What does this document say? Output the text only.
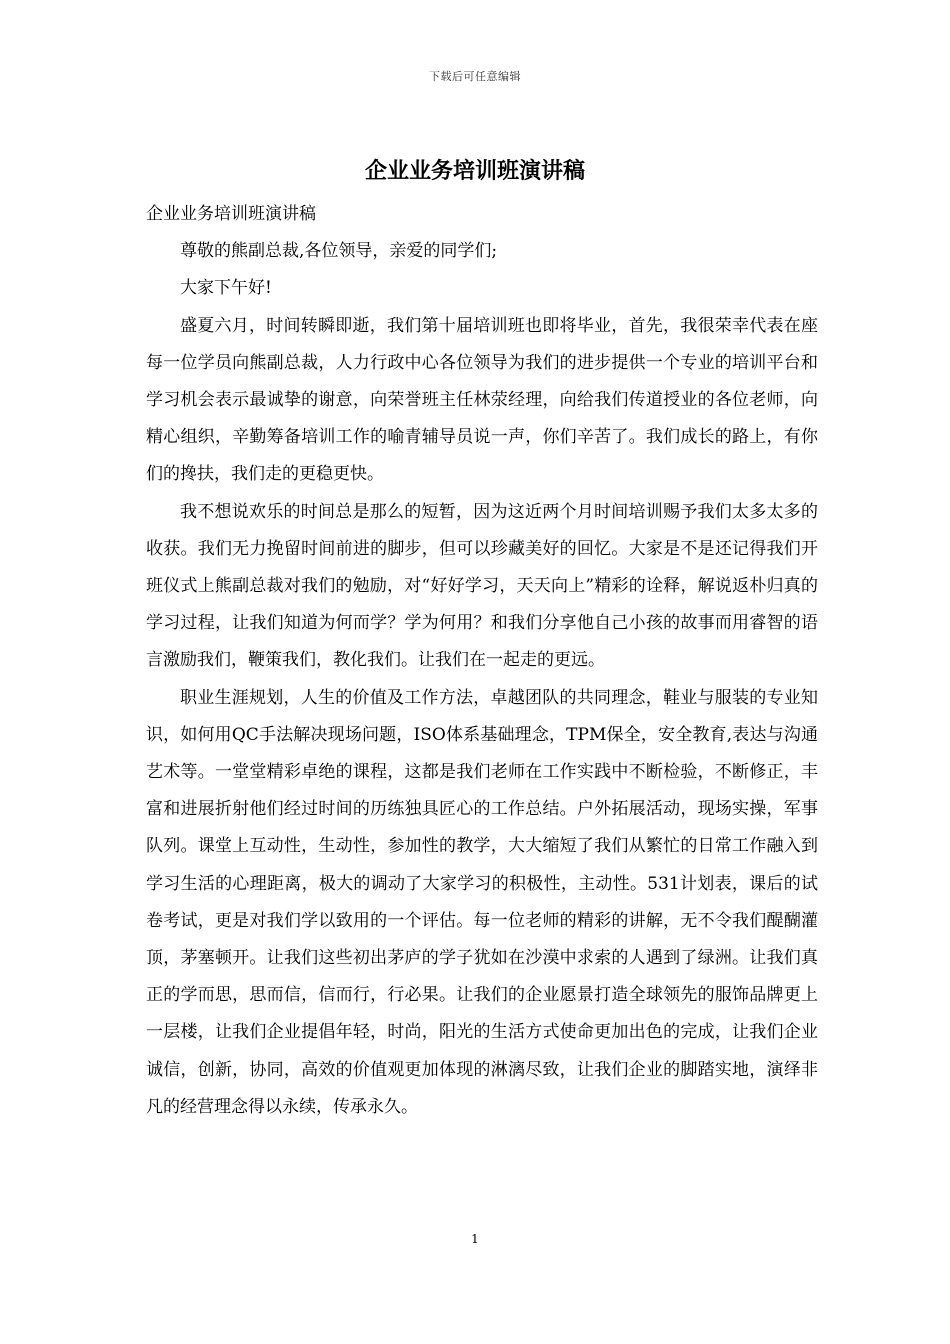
下载后可任意编辑
企业业务培训班演讲稿

企业业务培训班演讲稿

尊敬的熊副总裁,各位领导，亲爱的同学们;

大家下午好!

盛夏六月，时间转瞬即逝，我们第十届培训班也即将毕业，首先，我很荣幸代表在座每一位学员向熊副总裁，人力行政中心各位领导为我们的进步提供一个专业的培训平台和学习机会表示最诚挚的谢意，向荣誉班主任林荥经理，向给我们传道授业的各位老师，向精心组织，辛勤筹备培训工作的喻青辅导员说一声，你们辛苦了。我们成长的路上，有你们的搀扶，我们走的更稳更快。

我不想说欢乐的时间总是那么的短暂，因为这近两个月时间培训赐予我们太多太多的收获。我们无力挽留时间前进的脚步，但可以珍藏美好的回忆。大家是不是还记得我们开班仪式上熊副总裁对我们的勉励，对“好好学习，天天向上”精彩的诠释，解说返朴归真的学习过程，让我们知道为何而学？学为何用？和我们分享他自己小孩的故事而用睿智的语言激励我们，鞭策我们，教化我们。让我们在一起走的更远。

职业生涯规划，人生的价值及工作方法，卓越团队的共同理念，鞋业与服装的专业知识，如何用QC手法解决现场问题，ISO体系基础理念，TPM保全，安全教育,表达与沟通艺术等。一堂堂精彩卓绝的课程，这都是我们老师在工作实践中不断检验，不断修正，丰富和进展折射他们经过时间的历练独具匠心的工作总结。户外拓展活动，现场实操，军事队列。课堂上互动性，生动性，参加性的教学，大大缩短了我们从繁忙的日常工作融入到学习生活的心理距离，极大的调动了大家学习的积极性，主动性。531计划表，课后的试卷考试，更是对我们学以致用的一个评估。每一位老师的精彩的讲解，无不令我们醍醐灌顶，茅塞顿开。让我们这些初出茅庐的学子犹如在沙漠中求索的人遇到了绿洲。让我们真正的学而思，思而信，信而行，行必果。让我们的企业愿景打造全球领先的服饰品牌更上一层楼，让我们企业提倡年轻，时尚，阳光的生活方式使命更加出色的完成，让我们企业诚信，创新，协同，高效的价值观更加体现的淋漓尽致，让我们企业的脚踏实地，演绎非凡的经营理念得以永续，传承永久。

1
